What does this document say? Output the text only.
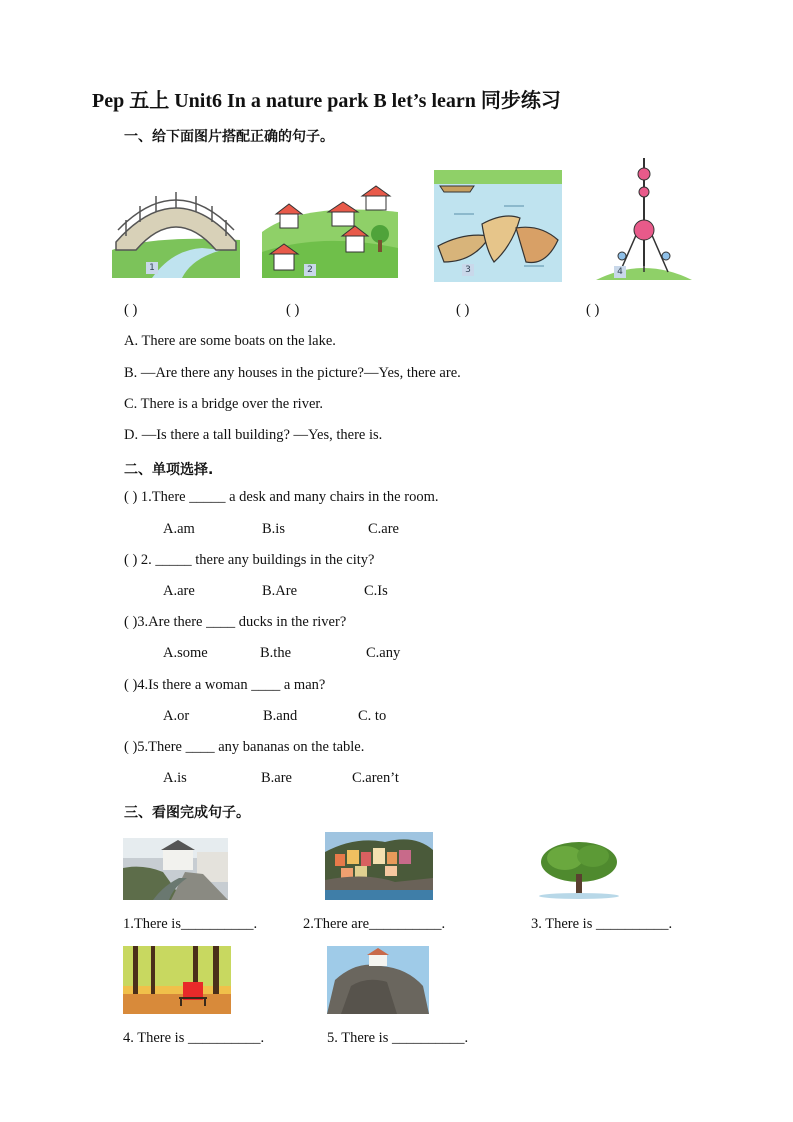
Pep 五上 Unit6 In a nature park B let’s learn 同步练习
一、给下面图片搭配正确的句子。
1	2	3	4
( )	( )	( )	( )
A. There are some boats on the lake.
B. —Are there any houses in the picture?—Yes, there are.
C. There is a bridge over the river.
D. —Is there a tall building? —Yes, there is.
二、单项选择.
( ) 1.There _____ a desk and many chairs in the room.
A.am	B.is	C.are
( ) 2. _____ there any buildings in the city?
A.are	B.Are	C.Is
( )3.Are there ____ ducks in the river?
A.some	B.the	C.any
( )4.Is there a woman ____ a man?
A.or	B.and	C. to
( )5.There ____ any bananas on the table.
A.is	B.are	C.aren’t
三、看图完成句子。
1.There is__________.	2.There are__________.	3. There is __________.
4. There is __________.	5. There is __________.
